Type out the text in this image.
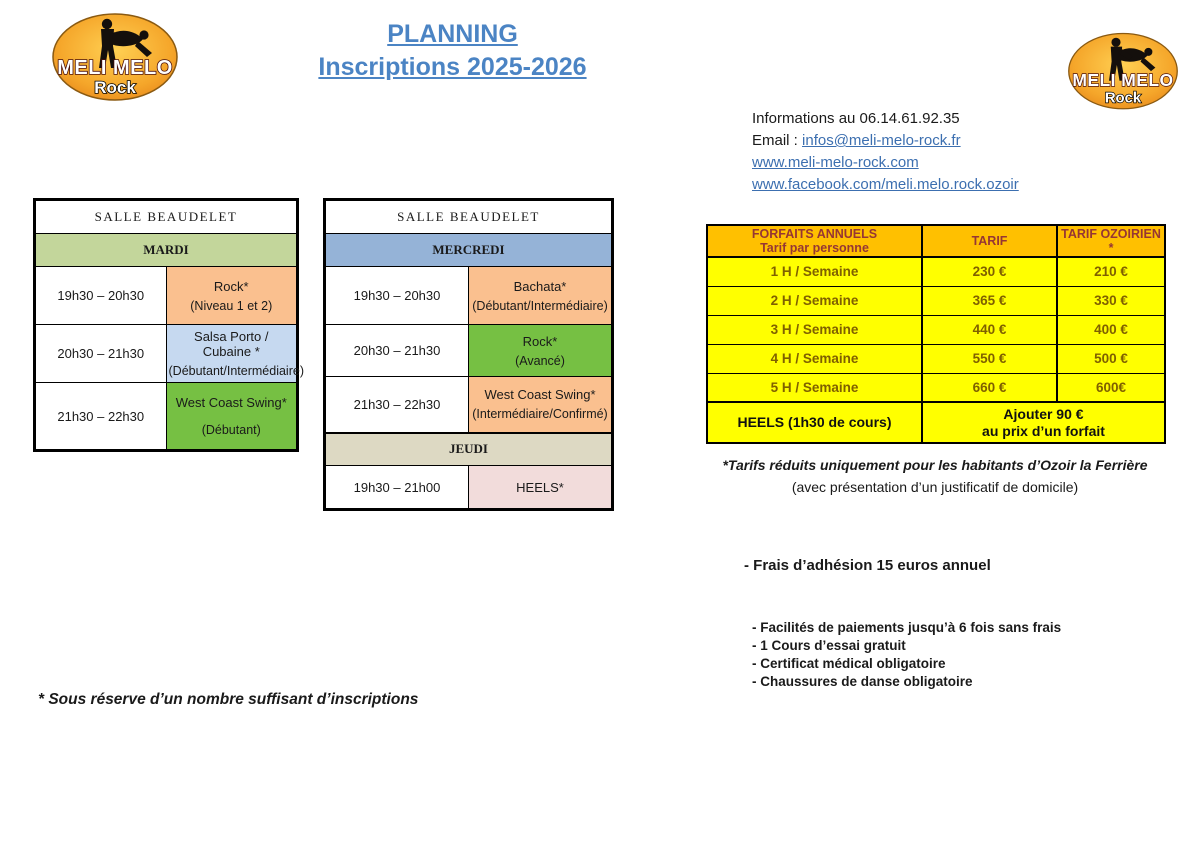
MELI MELO
Rock
PLANNING
Inscriptions 2025-2026	MELI MELO
Rock
Informations au 06.14.61.92.35
Email : infos@meli-melo-rock.fr
www.meli-melo-rock.com
www.facebook.com/meli.melo.rock.ozoir
SALLE BEAUDELET	
MARDI	
19h30 – 20h30	Rock*
(Niveau 1 et 2)

20h30 – 21h30	Salsa Porto / Cubaine *
(Débutant/Intermédiaire)

21h30 – 22h30	West Coast Swing*
(Débutant)
SALLE BEAUDELET	
MERCREDI	
19h30 – 20h30	Bachata*
(Débutant/Intermédiaire)

20h30 – 21h30	Rock*
(Avancé)

21h30 – 22h30	West Coast Swing*
(Intermédiaire/Confirmé)

JEUDI	
19h30 – 21h00	HEELS*
FORFAITS ANNUELS
Tarif par personne	TARIF	TARIF OZOIRIEN *
1 H / Semaine	230 €	210 €
2 H / Semaine	365 €	330 €
3 H / Semaine	440 €	400 €
4 H / Semaine	550 €	500 €
5 H / Semaine	660 €	600€
HEELS (1h30 de cours)	Ajouter 90 €
au prix d’un forfait	
*Tarifs réduits uniquement pour les habitants d’Ozoir la Ferrière
(avec présentation d’un justificatif de domicile)
- Frais d’adhésion 15 euros annuel
- Facilités de paiements jusqu’à 6 fois sans frais
- 1 Cours d’essai gratuit
- Certificat médical obligatoire
- Chaussures de danse obligatoire
* Sous réserve d’un nombre suffisant d’inscriptions
